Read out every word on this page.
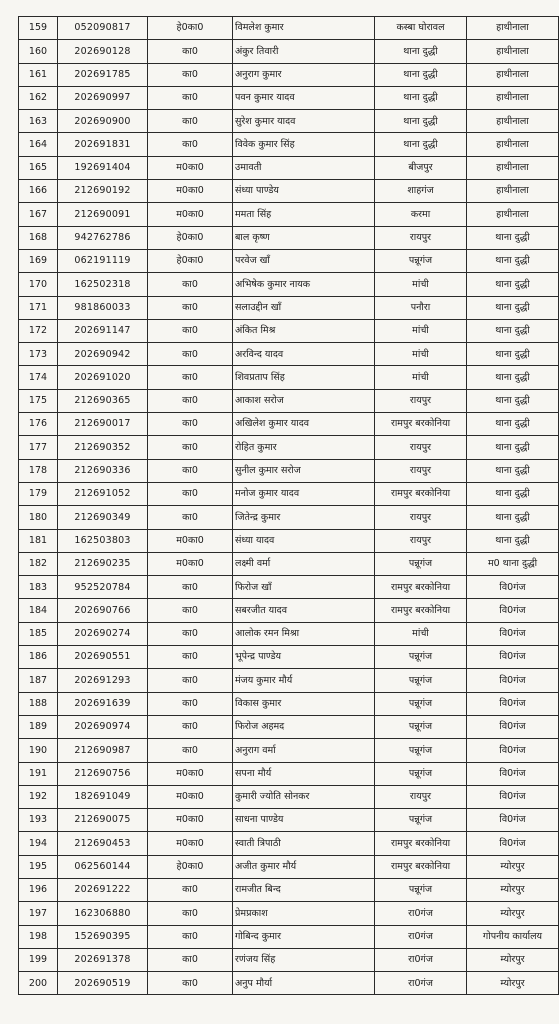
159	052090817	हे0का0	विमलेश कुमार	कस्बा घोरावल	हाथीनाला
160	202690128	का0	अंकुर तिवारी	थाना दुद्धी	हाथीनाला
161	202691785	का0	अनुराग कुमार	थाना दुद्धी	हाथीनाला
162	202690997	का0	पवन कुमार यादव	थाना दुद्धी	हाथीनाला
163	202690900	का0	सुरेश कुमार यादव	थाना दुद्धी	हाथीनाला
164	202691831	का0	विवेक कुमार सिंह	थाना दुद्धी	हाथीनाला
165	192691404	म0का0	उमावती	बीजपुर	हाथीनाला
166	212690192	म0का0	संध्या पाण्डेय	शाहगंज	हाथीनाला
167	212690091	म0का0	ममता सिंह	करमा	हाथीनाला
168	942762786	हे0का0	बाल कृष्ण	रायपुर	थाना दुद्धी
169	062191119	हे0का0	परवेज खाँ	पन्नूगंज	थाना दुद्धी
170	162502318	का0	अभिषेक कुमार नायक	मांची	थाना दुद्धी
171	981860033	का0	सलाउद्दीन खाँ	पनौरा	थाना दुद्धी
172	202691147	का0	अंकित मिश्र	मांची	थाना दुद्धी
173	202690942	का0	अरविन्द यादव	मांची	थाना दुद्धी
174	202691020	का0	शिवप्रताप सिंह	मांची	थाना दुद्धी
175	212690365	का0	आकाश सरोज	रायपुर	थाना दुद्धी
176	212690017	का0	अखिलेश कुमार यादव	रामपुर बरकोनिया	थाना दुद्धी
177	212690352	का0	रोहित कुमार	रायपुर	थाना दुद्धी
178	212690336	का0	सुनील कुमार सरोज	रायपुर	थाना दुद्धी
179	212691052	का0	मनोज कुमार यादव	रामपुर बरकोनिया	थाना दुद्धी
180	212690349	का0	जितेन्द्र कुमार	रायपुर	थाना दुद्धी
181	162503803	म0का0	संध्या यादव	रायपुर	थाना दुद्धी
182	212690235	म0का0	लक्ष्मी वर्मा	पन्नूगंज	म0 थाना दुद्धी
183	952520784	का0	फिरोज खाँ	रामपुर बरकोनिया	वि0गंज
184	202690766	का0	सबरजीत यादव	रामपुर बरकोनिया	वि0गंज
185	202690274	का0	आलोक रमन मिश्रा	मांची	वि0गंज
186	202690551	का0	भूपेन्द्र पाण्डेय	पन्नूगंज	वि0गंज
187	202691293	का0	मंजय कुमार मौर्य	पन्नूगंज	वि0गंज
188	202691639	का0	विकास कुमार	पन्नूगंज	वि0गंज
189	202690974	का0	फिरोज अहमद	पन्नूगंज	वि0गंज
190	212690987	का0	अनुराग वर्मा	पन्नूगंज	वि0गंज
191	212690756	म0का0	सपना मौर्य	पन्नूगंज	वि0गंज
192	182691049	म0का0	कुमारी ज्योति सोनकर	रायपुर	वि0गंज
193	212690075	म0का0	साधना पाण्डेय	पन्नूगंज	वि0गंज
194	212690453	म0का0	स्वाती त्रिपाठी	रामपुर बरकोनिया	वि0गंज
195	062560144	हे0का0	अजीत कुमार मौर्य	रामपुर बरकोनिया	म्योरपुर
196	202691222	का0	रामजीत बिन्द	पन्नूगंज	म्योरपुर
197	162306880	का0	प्रेमप्रकाश	रा0गंज	म्योरपुर
198	152690395	का0	गोबिन्द कुमार	रा0गंज	गोपनीय कार्यालय
199	202691378	का0	रणंजय सिंह	रा0गंज	म्योरपुर
200	202690519	का0	अनुप मौर्या	रा0गंज	म्योरपुर
